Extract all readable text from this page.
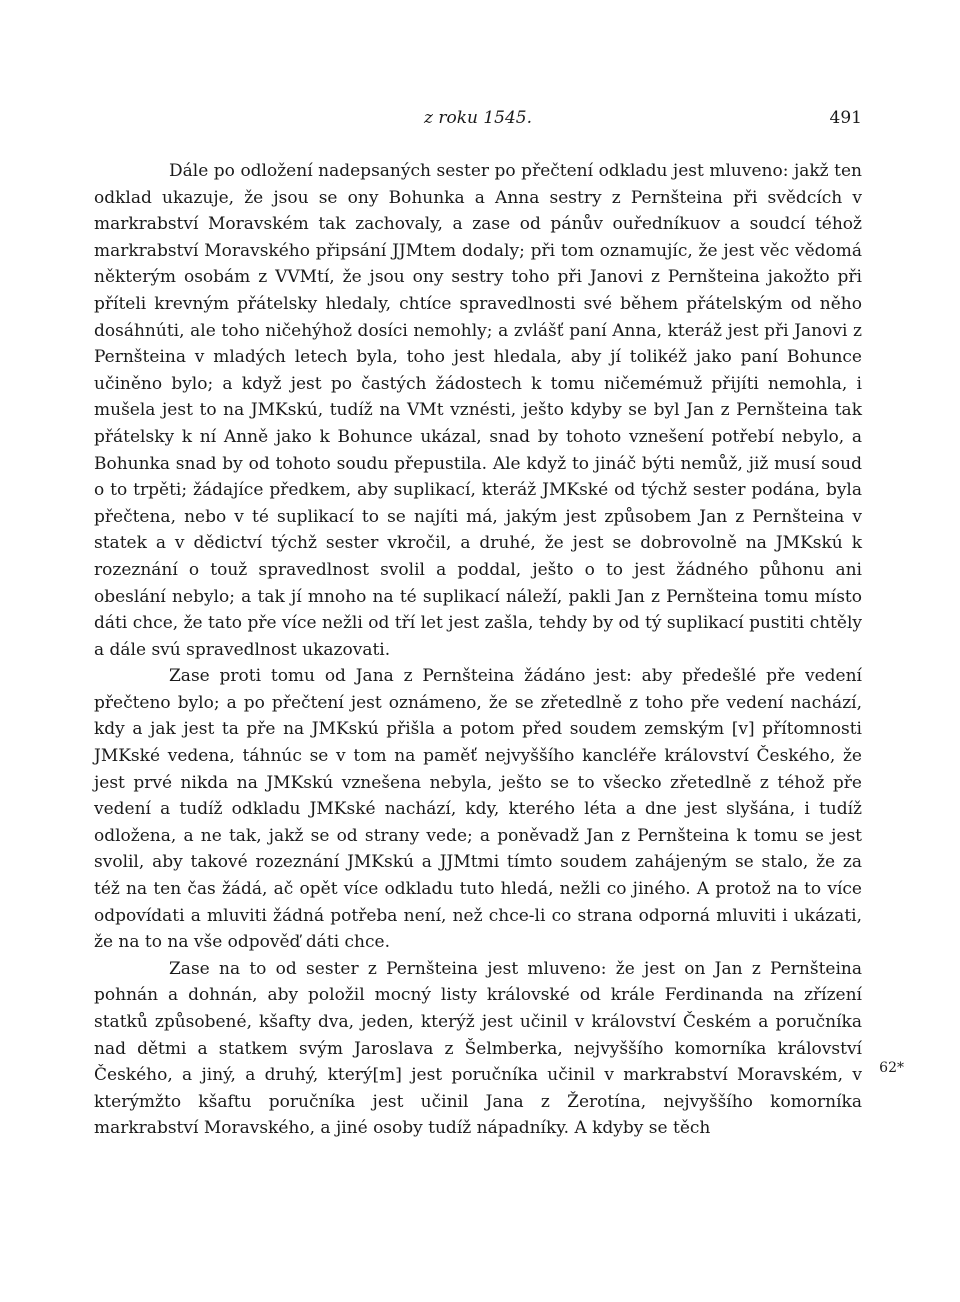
z roku 1545.	491

Dále po odložení nadepsaných sester po přečtení odkladu jest mluveno: jakž ten odklad ukazuje, že jsou se ony Bohunka a Anna sestry z Pernšteina při svědcích v markrabství Moravském tak zachovaly, a zase od pánův ouředníkuov a soudcí téhož markrabství Moravského připsání JJMtem dodaly; při tom oznamujíc, že jest věc vědomá některým osobám z VVMtí, že jsou ony sestry toho při Janovi z Pernšteina jakožto při příteli krevným přátelsky hledaly, chtíce spravedlnosti své během přátelským od něho dosáhnúti, ale toho ničehýhož dosíci nemohly; a zvlášť paní Anna, kteráž jest při Janovi z Pernšteina v mladých letech byla, toho jest hledala, aby jí tolikéž jako paní Bohunce učiněno bylo; a když jest po častých žádostech k tomu ničemémuž přijíti nemohla, i mušela jest to na JMKskú, tudíž na VMt vznésti, ješto kdyby se byl Jan z Pernšteina tak přátelsky k ní Anně jako k Bohunce ukázal, snad by tohoto vznešení potřebí nebylo, a Bohunka snad by od tohoto soudu přepustila. Ale když to jináč býti nemůž, již musí soud o to trpěti; žádajíce předkem, aby suplikací, kteráž JMKské od týchž sester podána, byla přečtena, nebo v té suplikací to se najíti má, jakým jest způsobem Jan z Pernšteina v statek a v dědictví týchž sester vkročil, a druhé, že jest se dobrovolně na JMKskú k rozeznání o touž spravedlnost svolil a poddal, ješto o to jest žádného půhonu ani obeslání nebylo; a tak jí mnoho na té suplikací náleží, pakli Jan z Pernšteina tomu místo dáti chce, že tato pře více nežli od tří let jest zašla, tehdy by od tý suplikací pustiti chtěly a dále svú spravedlnost ukazovati.

Zase proti tomu od Jana z Pernšteina žádáno jest: aby předešlé pře vedení přečteno bylo; a po přečtení jest oznámeno, že se zřetedlně z toho pře vedení nachází, kdy a jak jest ta pře na JMKskú přišla a potom před soudem zemským [v] přítomnosti JMKské vedena, táhnúc se v tom na paměť nejvyššího kancléře království Českého, že jest prvé nikda na JMKskú vznešena nebyla, ješto se to všecko zřetedlně z téhož pře vedení a tudíž odkladu JMKské nachází, kdy, kterého léta a dne jest slyšána, i tudíž odložena, a ne tak, jakž se od strany vede; a poněvadž Jan z Pernšteina k tomu se jest svolil, aby takové rozeznání JMKskú a JJMtmi tímto soudem zahájeným se stalo, že za též na ten čas žádá, ač opět více odkladu tuto hledá, nežli co jiného. A protož na to více odpovídati a mluviti žádná potřeba není, než chce-li co strana odporná mluviti i ukázati, že na to na vše odpověď dáti chce.

Zase na to od sester z Pernšteina jest mluveno: že jest on Jan z Pernšteina pohnán a dohnán, aby položil mocný listy královské od krále Ferdinanda na zřízení statků způsobené, kšafty dva, jeden, kterýž jest učinil v království Českém a poručníka nad dětmi a statkem svým Jaroslava z Šelmberka, nejvyššího komorníka království Českého, a jiný, a druhý, který[m] jest poručníka učinil v markrabství Moravském, v kterýmžto kšaftu poručníka jest učinil Jana z Žerotína, nejvyššího komorníka markrabství Moravského, a jiné osoby tudíž nápadníky. A kdyby se těch

62*
